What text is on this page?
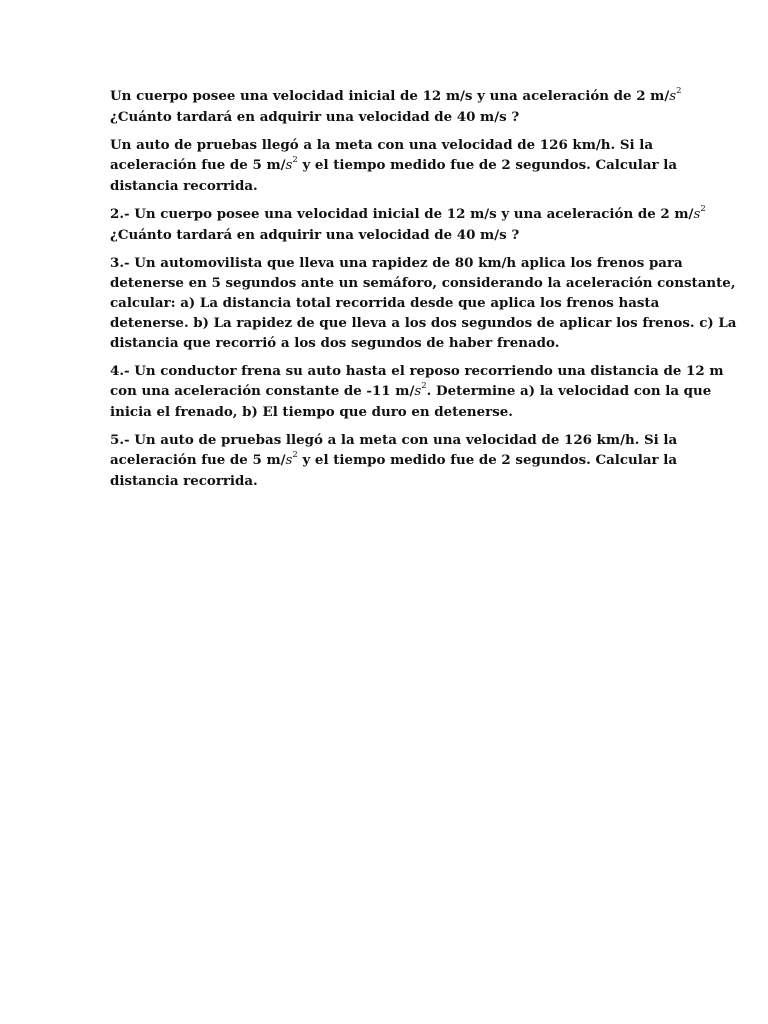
Un cuerpo posee una velocidad inicial de 12 m/s y una aceleración de 2 $m/s^2$
¿Cuánto tardará en adquirir una velocidad de 40 m/s ?

Un auto de pruebas llegó a la meta con una velocidad de 126 km/h. Si la
aceleración fue de 5 $m/s^2$ y el tiempo medido fue de 2 segundos. Calcular la
distancia recorrida.

2.- Un cuerpo posee una velocidad inicial de 12 m/s y una aceleración de 2 $m/s^2$
¿Cuánto tardará en adquirir una velocidad de 40 m/s ?

3.- Un automovilista que lleva una rapidez de 80 km/h aplica los frenos para
detenerse en 5 segundos ante un semáforo, considerando la aceleración constante,
calcular: a) La distancia total recorrida desde que aplica los frenos hasta
detenerse. b) La rapidez de que lleva a los dos segundos de aplicar los frenos. c) La
distancia que recorrió a los dos segundos de haber frenado.

4.- Un conductor frena su auto hasta el reposo recorriendo una distancia de 12 m
con una aceleración constante de -11 $m/s^2$. Determine a) la velocidad con la que
inicia el frenado, b) El tiempo que duro en detenerse.

5.- Un auto de pruebas llegó a la meta con una velocidad de 126 km/h. Si la
aceleración fue de 5 $m/s^2$ y el tiempo medido fue de 2 segundos. Calcular la
distancia recorrida.
